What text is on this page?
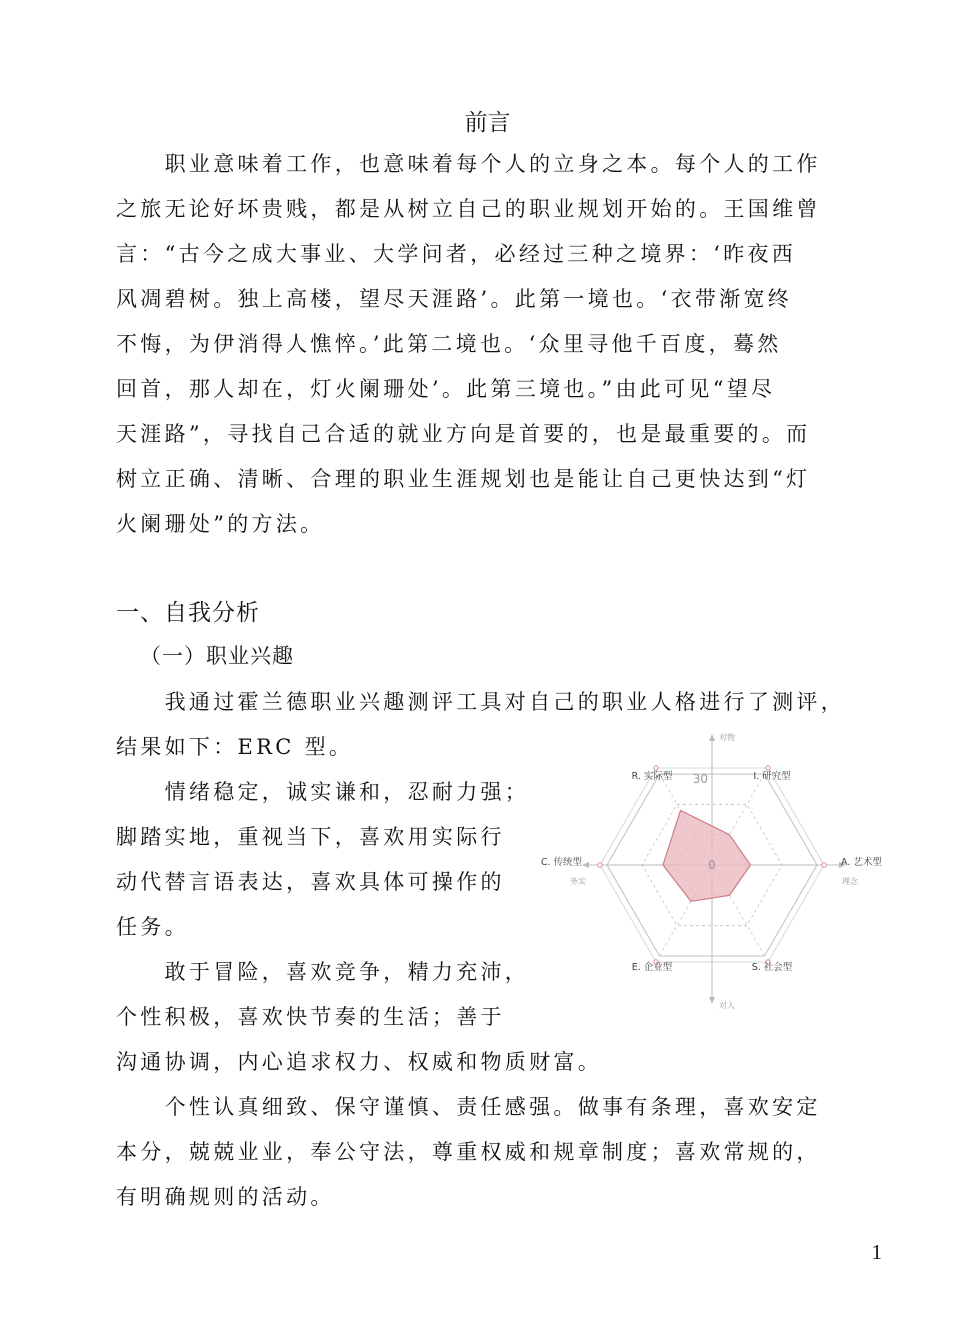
前言

　　职业意味着工作，也意味着每个人的立身之本。每个人的工作

之旅无论好坏贵贱，都是从树立自己的职业规划开始的。王国维曾

言：“古今之成大事业、大学问者，必经过三种之境界：‘昨夜西

风凋碧树。独上高楼，望尽天涯路’。此第一境也。‘衣带渐宽终

不悔，为伊消得人憔悴。’此第二境也。‘众里寻他千百度，蓦然

回首，那人却在，灯火阑珊处’。此第三境也。”由此可见“望尽

天涯路”，寻找自己合适的就业方向是首要的，也是最重要的。而

树立正确、清晰、合理的职业生涯规划也是能让自己更快达到“灯

火阑珊处”的方法。

一、自我分析
（一）职业兴趣

　　我通过霍兰德职业兴趣测评工具对自己的职业人格进行了测评，

结果如下：ERC 型。

　　情绪稳定，诚实谦和，忍耐力强；

脚踏实地，重视当下，喜欢用实际行

动代替言语表达，喜欢具体可操作的

任务。

　　敢于冒险，喜欢竞争，精力充沛，

个性积极，喜欢快节奏的生活；善于

沟通协调，内心追求权力、权威和物质财富。

　　个性认真细致、保守谨慎、责任感强。做事有条理，喜欢安定

本分，兢兢业业，奉公守法，尊重权威和规章制度；喜欢常规的，

有明确规则的活动。

R. 实际型	I. 研究型
A. 艺术型
S. 社会型
E. 企业型
C. 传统型
对物
对人
务实	理念
0
30
1
